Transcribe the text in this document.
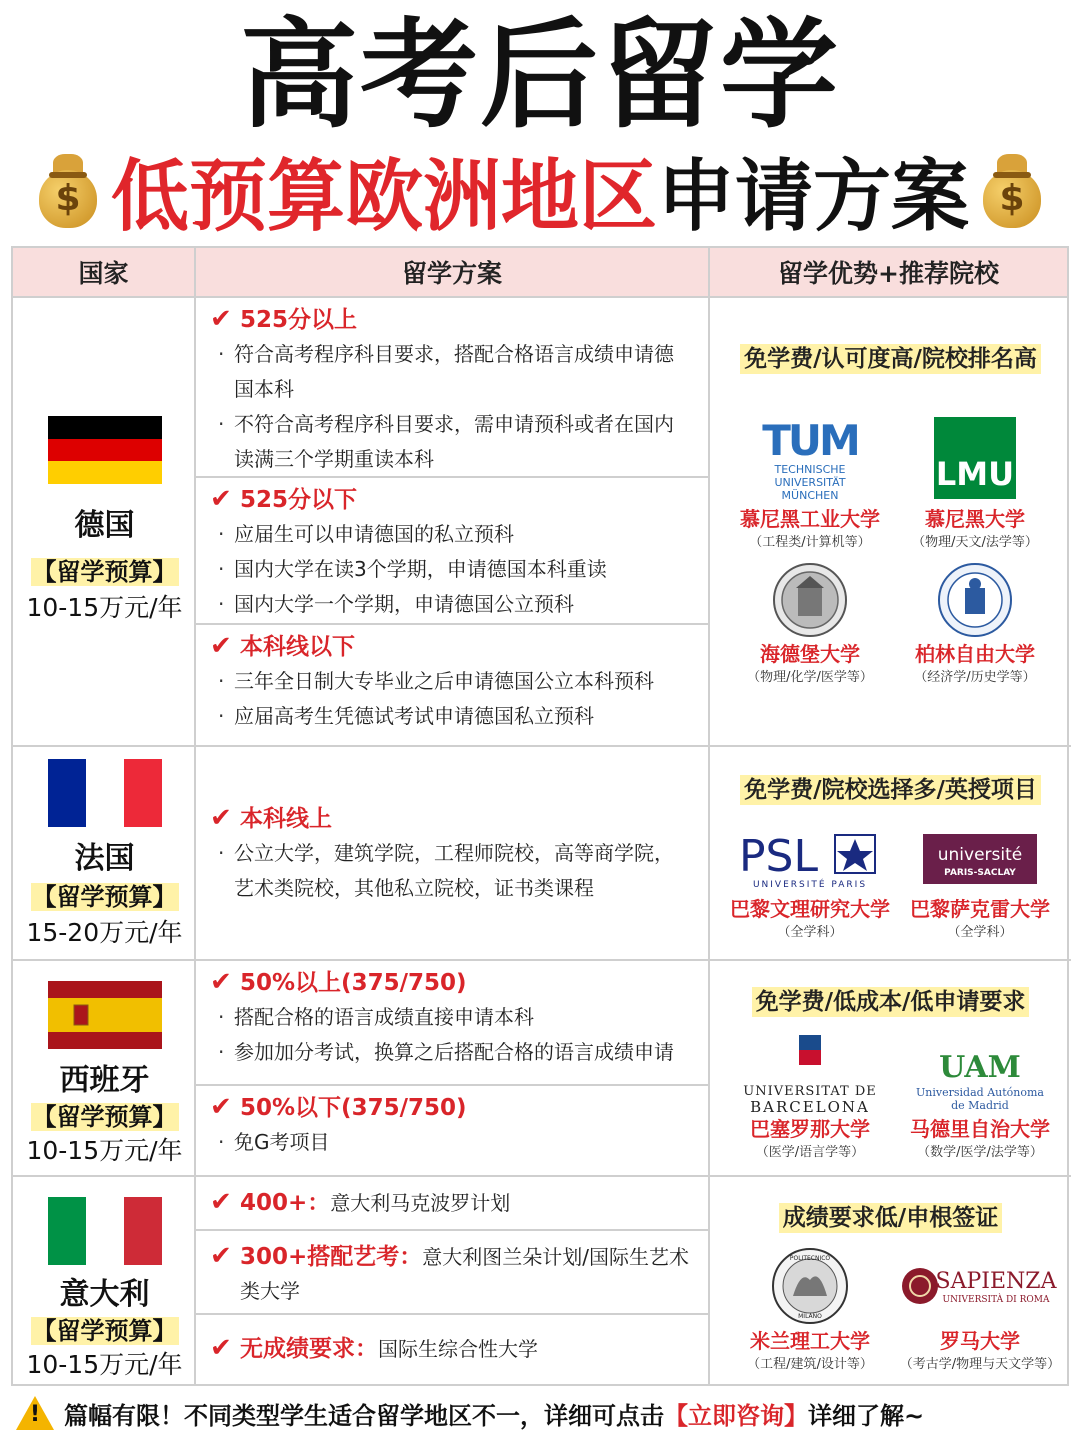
高考后留学
$ 低预算欧洲地区 申请方案 $
国家	留学方案	留学优势+推荐院校
德国
【留学预算】
10-15万元/年
✔ 525分以上
· 符合高考程序科目要求，搭配合格语言成绩申请德
国本科
· 不符合高考程序科目要求，需申请预科或者在国内
读满三个学期重读本科
✔ 525分以下
· 应届生可以申请德国的私立预科
· 国内大学在读3个学期，申请德国本科重读
· 国内大学一个学期，申请德国公立预科
✔ 本科线以下
· 三年全日制大专毕业之后申请德国公立本科预科
· 应届高考生凭德试考试申请德国私立预科
免学费/认可度高/院校排名高
TUM
TECHNISCHE
UNIVERSITÄT
MÜNCHEN
慕尼黑工业大学
（工程类/计算机等）
LMU
慕尼黑大学
（物理/天文/法学等）
海德堡大学
（物理/化学/医学等）
柏林自由大学
（经济学/历史学等）
法国
【留学预算】
15-20万元/年
✔ 本科线上
· 公立大学，建筑学院，工程师院校，高等商学院，
艺术类院校，其他私立院校，证书类课程
免学费/院校选择多/英授项目
PSL
UNIVERSITÉ PARIS
巴黎文理研究大学
（全学科）
université
PARIS-SACLAY
巴黎萨克雷大学
（全学科）
西班牙
【留学预算】
10-15万元/年
✔ 50%以上(375/750)
· 搭配合格的语言成绩直接申请本科
· 参加加分考试，换算之后搭配合格的语言成绩申请
✔ 50%以下(375/750)
· 免G考项目
免学费/低成本/低申请要求
UNIVERSITAT DE
BARCELONA
巴塞罗那大学
（医学/语言学等）
UAM
Universidad Autónoma
de Madrid
马德里自治大学
（数学/医学/法学等）
意大利
【留学预算】
10-15万元/年
✔ 400+：意大利马克波罗计划
✔ 300+搭配艺考：意大利图兰朵计划/国际生艺术
类大学
✔ 无成绩要求：国际生综合性大学
成绩要求低/申根签证
POLITECNICO
MILANO
米兰理工大学
（工程/建筑/设计等）
SAPIENZA
UNIVERSITÀ DI ROMA
罗马大学
（考古学/物理与天文学等）
! 篇幅有限！不同类型学生适合留学地区不一，详细可点击 【立即咨询】 详细了解~
